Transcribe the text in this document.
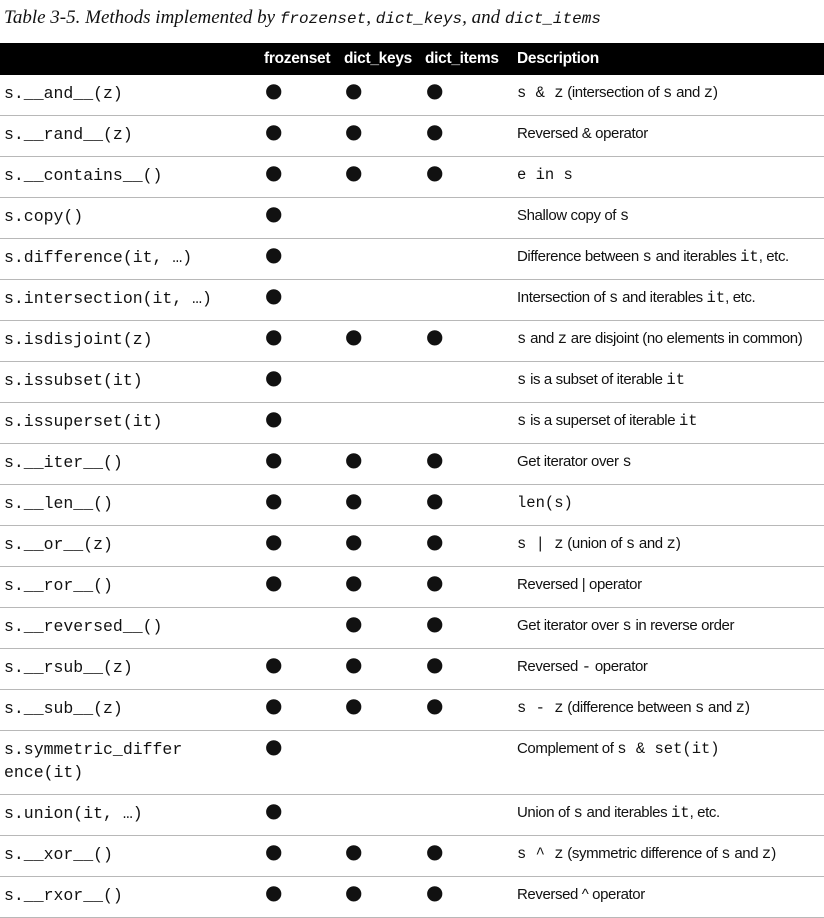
Table 3-5. Methods implemented by frozenset, dict_keys, and dict_items
	frozenset	dict_keys	dict_items	Description
s.__and__(z)	●	●	●	s & z (intersection of s and z)
s.__rand__(z)	●	●	●	Reversed & operator
s.__contains__()	●	●	●	e in s
s.copy()	●			Shallow copy of s
s.difference(it, …)	●			Difference between s and iterables it, etc.
s.intersection(it, …)	●			Intersection of s and iterables it, etc.
s.isdisjoint(z)	●	●	●	s and z are disjoint (no elements in common)
s.issubset(it)	●			s is a subset of iterable it
s.issuperset(it)	●			s is a superset of iterable it
s.__iter__()	●	●	●	Get iterator over s
s.__len__()	●	●	●	len(s)
s.__or__(z)	●	●	●	s | z (union of s and z)
s.__ror__()	●	●	●	Reversed | operator
s.__reversed__()		●	●	Get iterator over s in reverse order
s.__rsub__(z)	●	●	●	Reversed - operator
s.__sub__(z)	●	●	●	s - z (difference between s and z)
s.symmetric_differ
ence(it)	●			Complement of s & set(it)
s.union(it, …)	●			Union of s and iterables it, etc.
s.__xor__()	●	●	●	s ^ z (symmetric difference of s and z)
s.__rxor__()	●	●	●	Reversed ^ operator
